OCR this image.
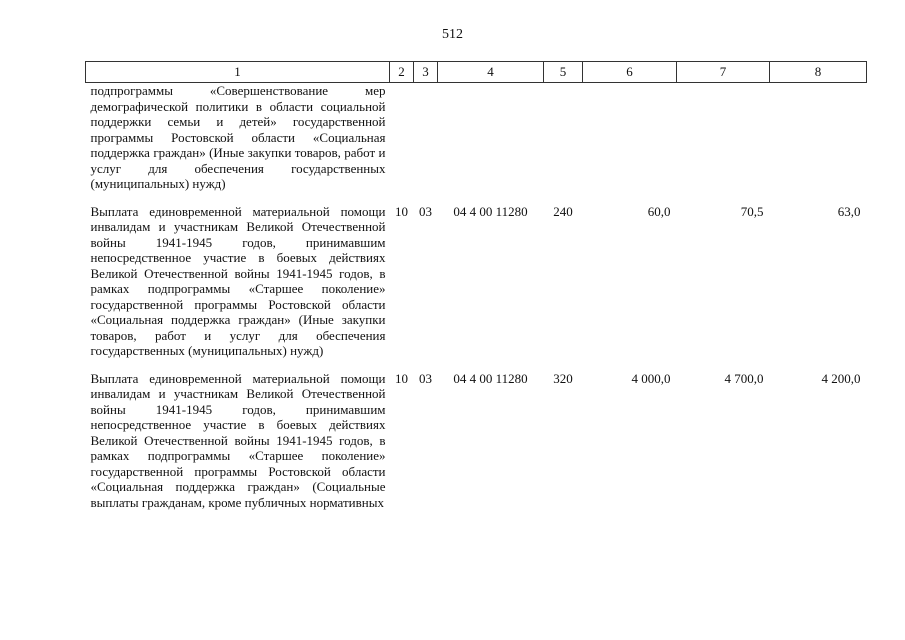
512
1	2	3	4	5	6	7	8
подпрограммы «Совершенствование мер демографической политики в области социальной поддержки семьи и детей» государственной программы Ростовской области «Социальная поддержка граждан» (Иные закупки товаров, работ и услуг для обеспечения государственных (муниципальных) нужд)							
Выплата единовременной материальной помощи инвалидам и участникам Великой Отечественной войны 1941-1945 годов, принимавшим непосредственное участие в боевых действиях Великой Отечественной войны 1941-1945 годов, в рамках подпрограммы «Старшее поколение» государственной программы Ростовской области «Социальная поддержка граждан» (Иные закупки товаров, работ и услуг для обеспечения государственных (муниципальных) нужд)	10	03	04 4 00 11280	240	60,0	70,5	63,0
Выплата единовременной материальной помощи инвалидам и участникам Великой Отечественной войны 1941-1945 годов, принимавшим непосредственное участие в боевых действиях Великой Отечественной войны 1941-1945 годов, в рамках подпрограммы «Старшее поколение» государственной программы Ростовской области «Социальная поддержка граждан» (Социальные выплаты гражданам, кроме публичных нормативных	10	03	04 4 00 11280	320	4 000,0	4 700,0	4 200,0
